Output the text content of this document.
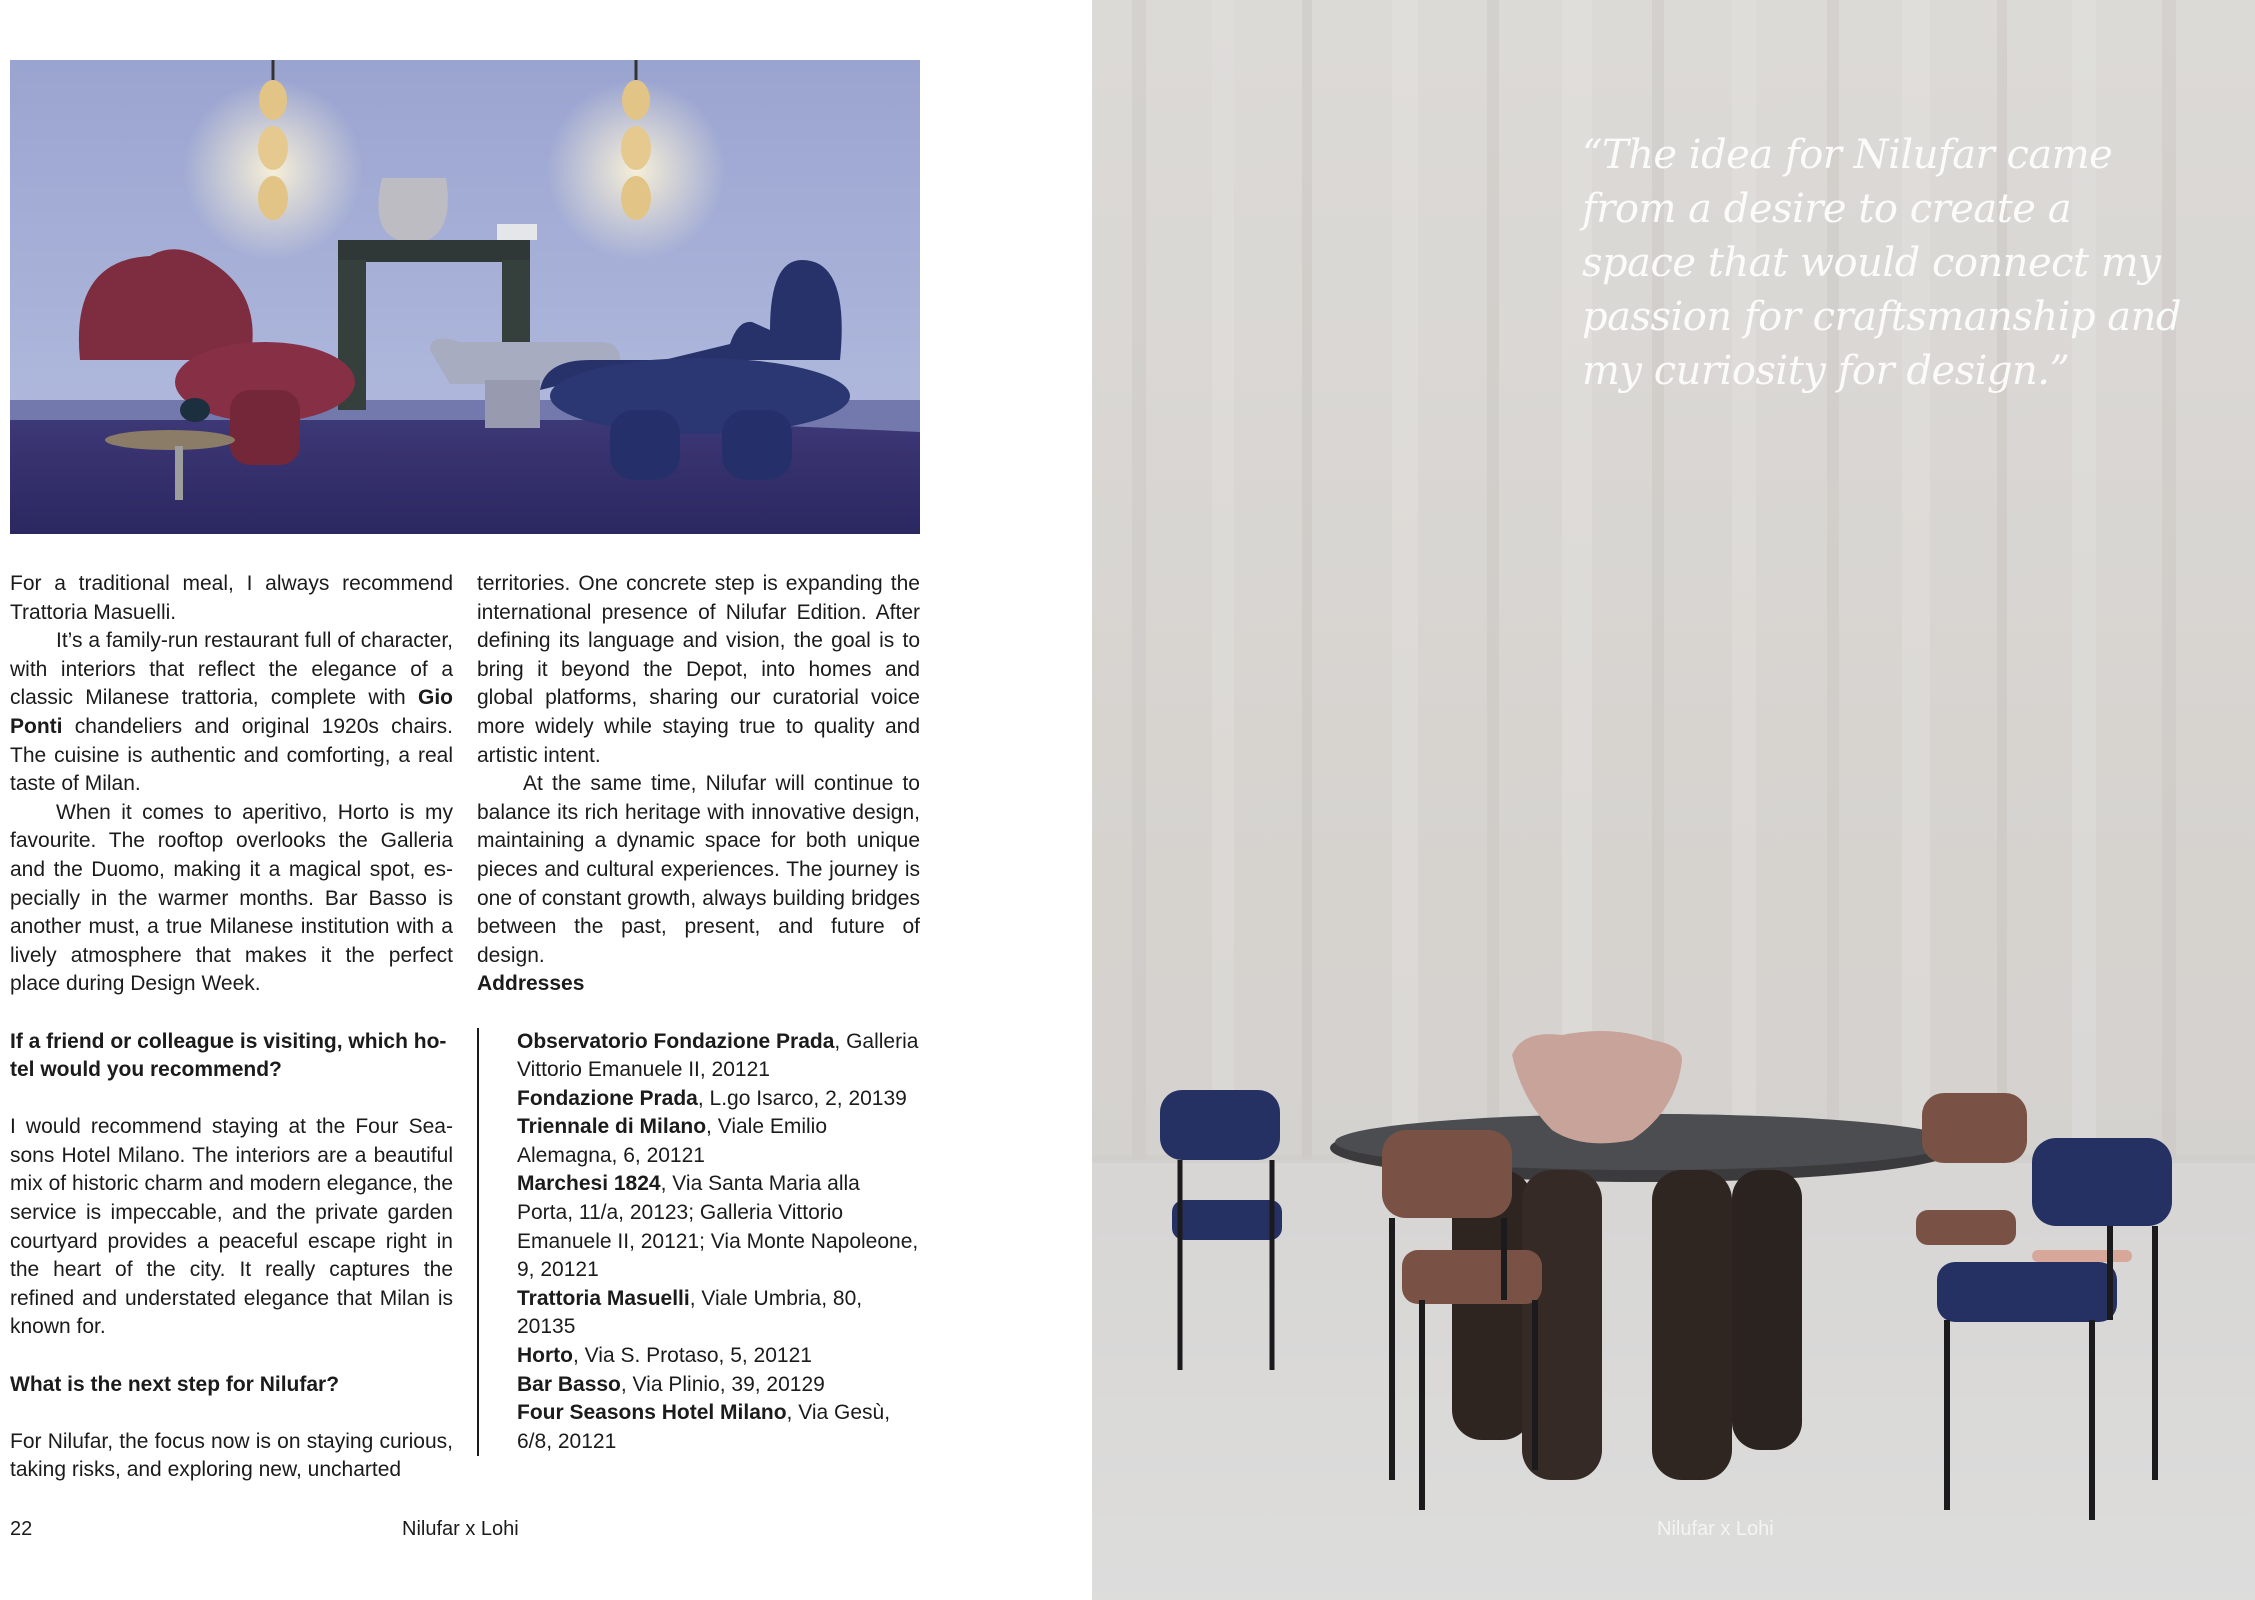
For a traditional meal, I always recommend Trattoria Masuelli.

It’s a family-run restaurant full of character, with interiors that reflect the elegance of a classic Milanese trattoria, complete with Gio Ponti chandeliers and original 1920s chairs. The cuisine is authentic and comforting, a real taste of Milan.

When it comes to aperitivo, Horto is my favourite. The rooftop overlooks the Galleria and the Duomo, making it a magical spot, especially in the warmer months. Bar Basso is another must, a true Milanese institution with a lively atmosphere that makes it the perfect place during Design Week.

If a friend or colleague is visiting, which hotel would you recommend?

I would recommend staying at the Four Seasons Hotel Milano. The interiors are a beautiful mix of historic charm and modern elegance, the service is impeccable, and the private garden courtyard provides a peaceful escape right in the heart of the city. It really captures the refined and understated elegance that Milan is known for.

What is the next step for Nilufar?

For Nilufar, the focus now is on staying curious, taking risks, and exploring new, uncharted

territories. One concrete step is expanding the international presence of Nilufar Edition. After defining its language and vision, the goal is to bring it beyond the Depot, into homes and global platforms, sharing our curatorial voice more widely while staying true to quality and artistic intent.

At the same time, Nilufar will continue to balance its rich heritage with innovative design, maintaining a dynamic space for both unique pieces and cultural experiences. The journey is one of constant growth, always building bridges between the past, present, and future of design.

Addresses

Observatorio Fondazione Prada, Galleria Vittorio Emanuele II, 20121

Fondazione Prada, L.go Isarco, 2, 20139

Triennale di Milano, Viale Emilio Alemagna, 6, 20121

Marchesi 1824, Via Santa Maria alla Porta, 11/a, 20123; Galleria Vittorio Emanuele II, 20121; Via Monte Napoleone, 9, 20121

Trattoria Masuelli, Viale Umbria, 80, 20135

Horto, Via S. Protaso, 5, 20121

Bar Basso, Via Plinio, 39, 20129

Four Seasons Hotel Milano, Via Gesù, 6/8, 20121

22	Nilufar x Lohi
“The idea for Nilufar came from a desire to create a space that would connect my passion for craftsmanship and my curiosity for design.”
Nilufar x Lohi
